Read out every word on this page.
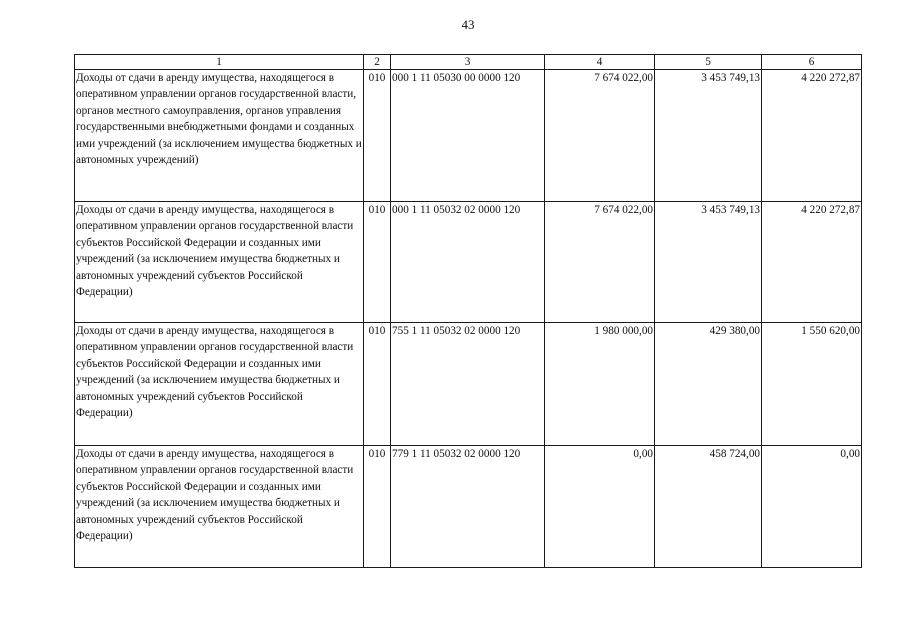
43
1	2	3	4	5	6
Доходы от сдачи в аренду имущества, находящегося в оперативном управлении органов государственной власти, органов местного самоуправления, органов управления государственными внебюджетными фондами и созданных ими учреждений (за исключением имущества бюджетных и автономных учреждений)	010	000 1 11 05030 00 0000 120	7 674 022,00	3 453 749,13	4 220 272,87
Доходы от сдачи в аренду имущества, находящегося в оперативном управлении органов государственной власти субъектов Российской Федерации и созданных ими учреждений (за исключением имущества бюджетных и автономных учреждений субъектов Российской Федерации)	010	000 1 11 05032 02 0000 120	7 674 022,00	3 453 749,13	4 220 272,87
Доходы от сдачи в аренду имущества, находящегося в оперативном управлении органов государственной власти субъектов Российской Федерации и созданных ими учреждений (за исключением имущества бюджетных и автономных учреждений субъектов Российской Федерации)	010	755 1 11 05032 02 0000 120	1 980 000,00	429 380,00	1 550 620,00
Доходы от сдачи в аренду имущества, находящегося в оперативном управлении органов государственной власти субъектов Российской Федерации и созданных ими учреждений (за исключением имущества бюджетных и автономных учреждений субъектов Российской Федерации)	010	779 1 11 05032 02 0000 120	0,00	458 724,00	0,00
